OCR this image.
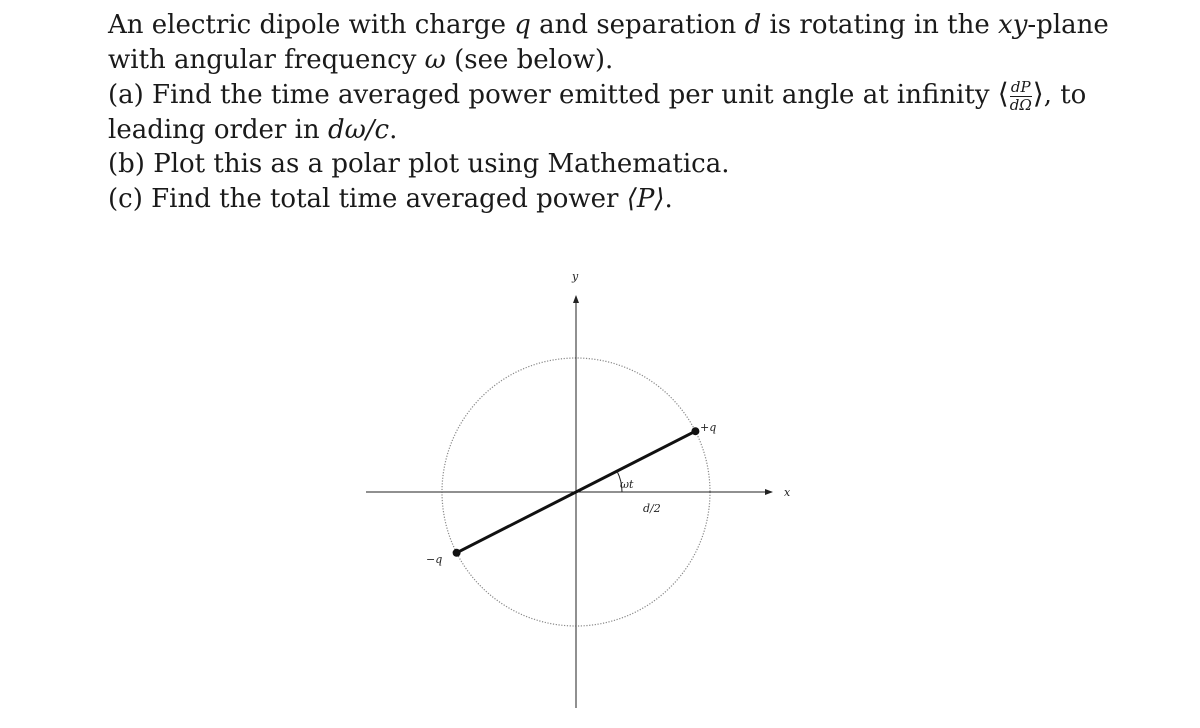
An electric dipole with charge q and separation d is rotating in the xy-plane
with angular frequency ω (see below).
(a) Find the time averaged power emitted per unit angle at infinity ⟨ $\frac{dP}{d\Omega}$ ⟩, to
leading order in dω/c.
(b) Plot this as a polar plot using Mathematica.
(c) Find the total time averaged power ⟨P⟩.
x
y
+q
−q
ωt
d/2
